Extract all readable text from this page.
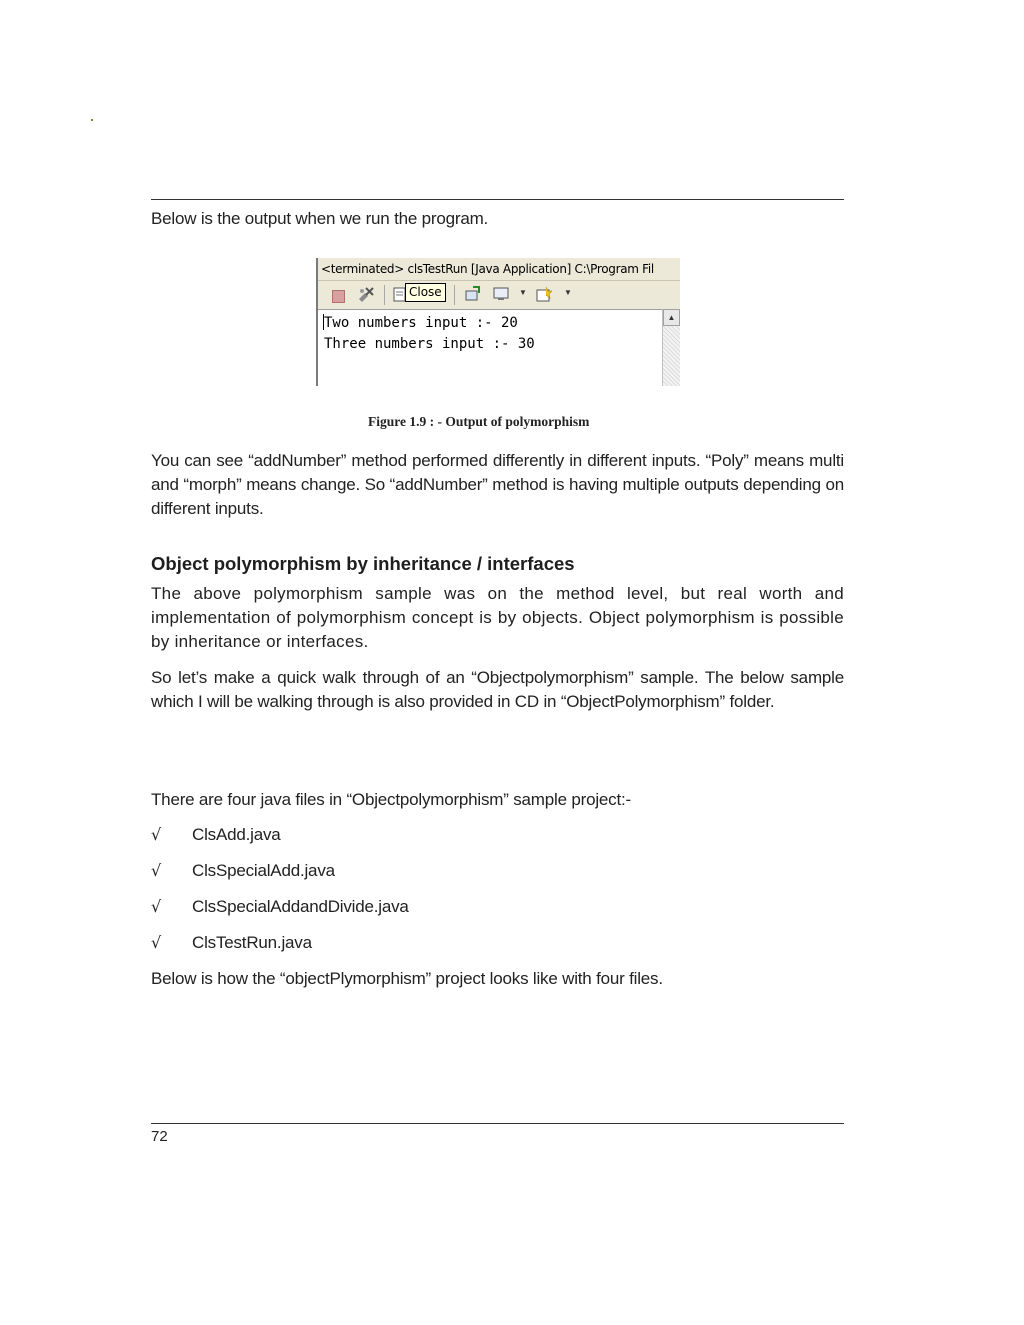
Below is the output when we run the program.
<terminated> clsTestRun [Java Application] C:\Program Fil
Close	▼	▼
Two numbers input :- 20
Three numbers input :- 30
▲
Figure 1.9 : - Output of polymorphism
You can see “addNumber” method performed differently in different inputs. “Poly” means multi and “morph” means change. So “addNumber” method is having multiple outputs depending on different inputs.
Object polymorphism by inheritance / interfaces
The above polymorphism sample was on the method level, but real worth and implementation of polymorphism concept is by objects. Object polymorphism is possible by inheritance or interfaces.
So let’s make a quick walk through of an “Objectpolymorphism” sample. The below sample which I will be walking through is also provided in CD in “ObjectPolymorphism” folder.
There are four java files in “Objectpolymorphism” sample project:-
√ ClsAdd.java
√ ClsSpecialAdd.java
√ ClsSpecialAddandDivide.java
√ ClsTestRun.java
Below is how the “objectPlymorphism” project looks like with four files.
72
